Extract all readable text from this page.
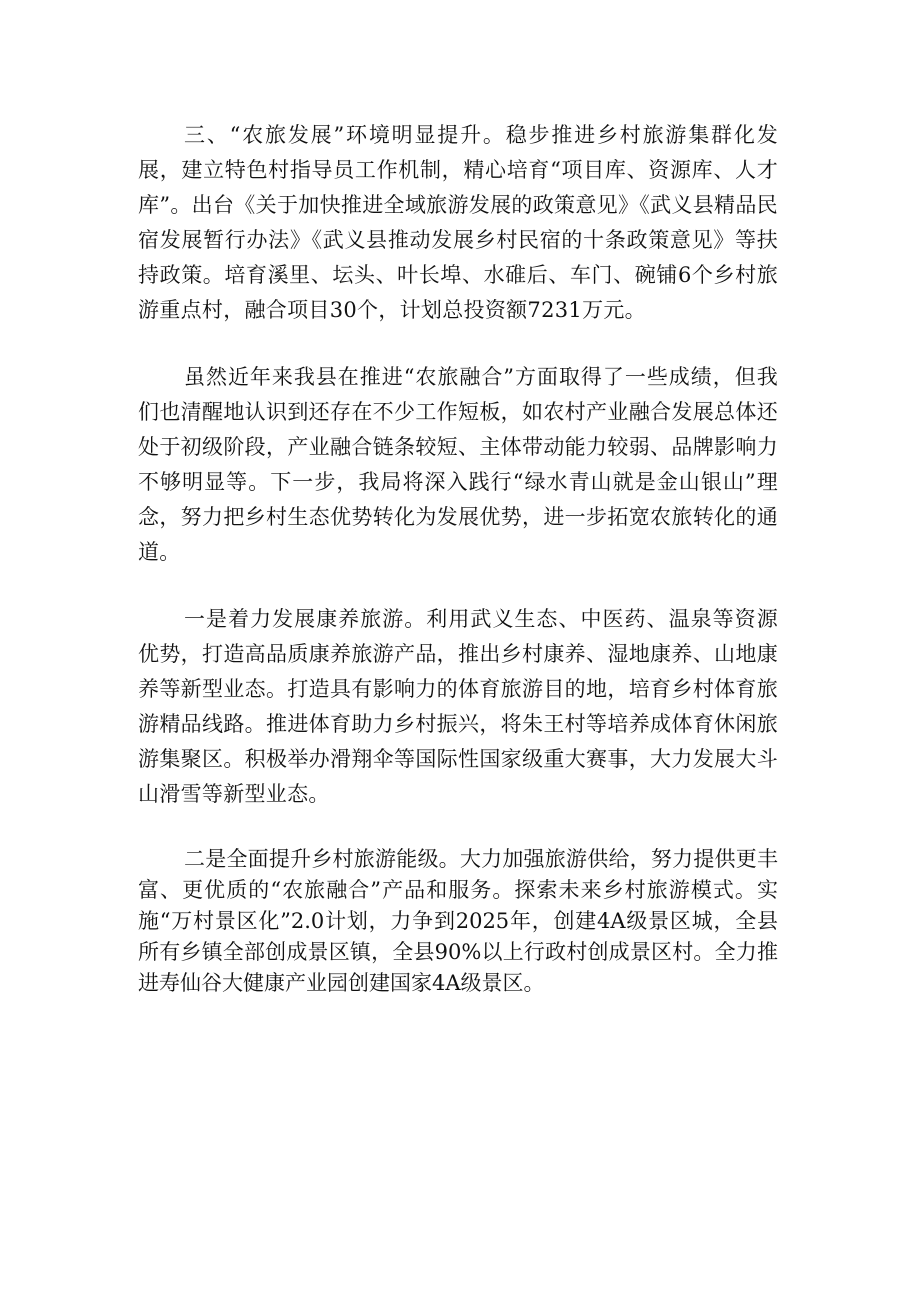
三、“农旅发展”环境明显提升。稳步推进乡村旅游集群化发展，建立特色村指导员工作机制，精心培育“项目库、资源库、人才库”。出台《关于加快推进全域旅游发展的政策意见》《武义县精品民宿发展暂行办法》《武义县推动发展乡村民宿的十条政策意见》等扶持政策。培育溪里、坛头、叶长埠、水碓后、车门、碗铺6个乡村旅游重点村，融合项目30个，计划总投资额7231万元。

虽然近年来我县在推进“农旅融合”方面取得了一些成绩，但我们也清醒地认识到还存在不少工作短板，如农村产业融合发展总体还处于初级阶段，产业融合链条较短、主体带动能力较弱、品牌影响力不够明显等。下一步，我局将深入践行“绿水青山就是金山银山”理念，努力把乡村生态优势转化为发展优势，进一步拓宽农旅转化的通道。

一是着力发展康养旅游。利用武义生态、中医药、温泉等资源优势，打造高品质康养旅游产品，推出乡村康养、湿地康养、山地康养等新型业态。打造具有影响力的体育旅游目的地，培育乡村体育旅游精品线路。推进体育助力乡村振兴，将朱王村等培养成体育休闲旅游集聚区。积极举办滑翔伞等国际性国家级重大赛事，大力发展大斗山滑雪等新型业态。

二是全面提升乡村旅游能级。大力加强旅游供给，努力提供更丰富、更优质的“农旅融合”产品和服务。探索未来乡村旅游模式。实施“万村景区化”2.0计划，力争到2025年，创建4A级景区城，全县所有乡镇全部创成景区镇，全县90%以上行政村创成景区村。全力推进寿仙谷大健康产业园创建国家4A级景区。
